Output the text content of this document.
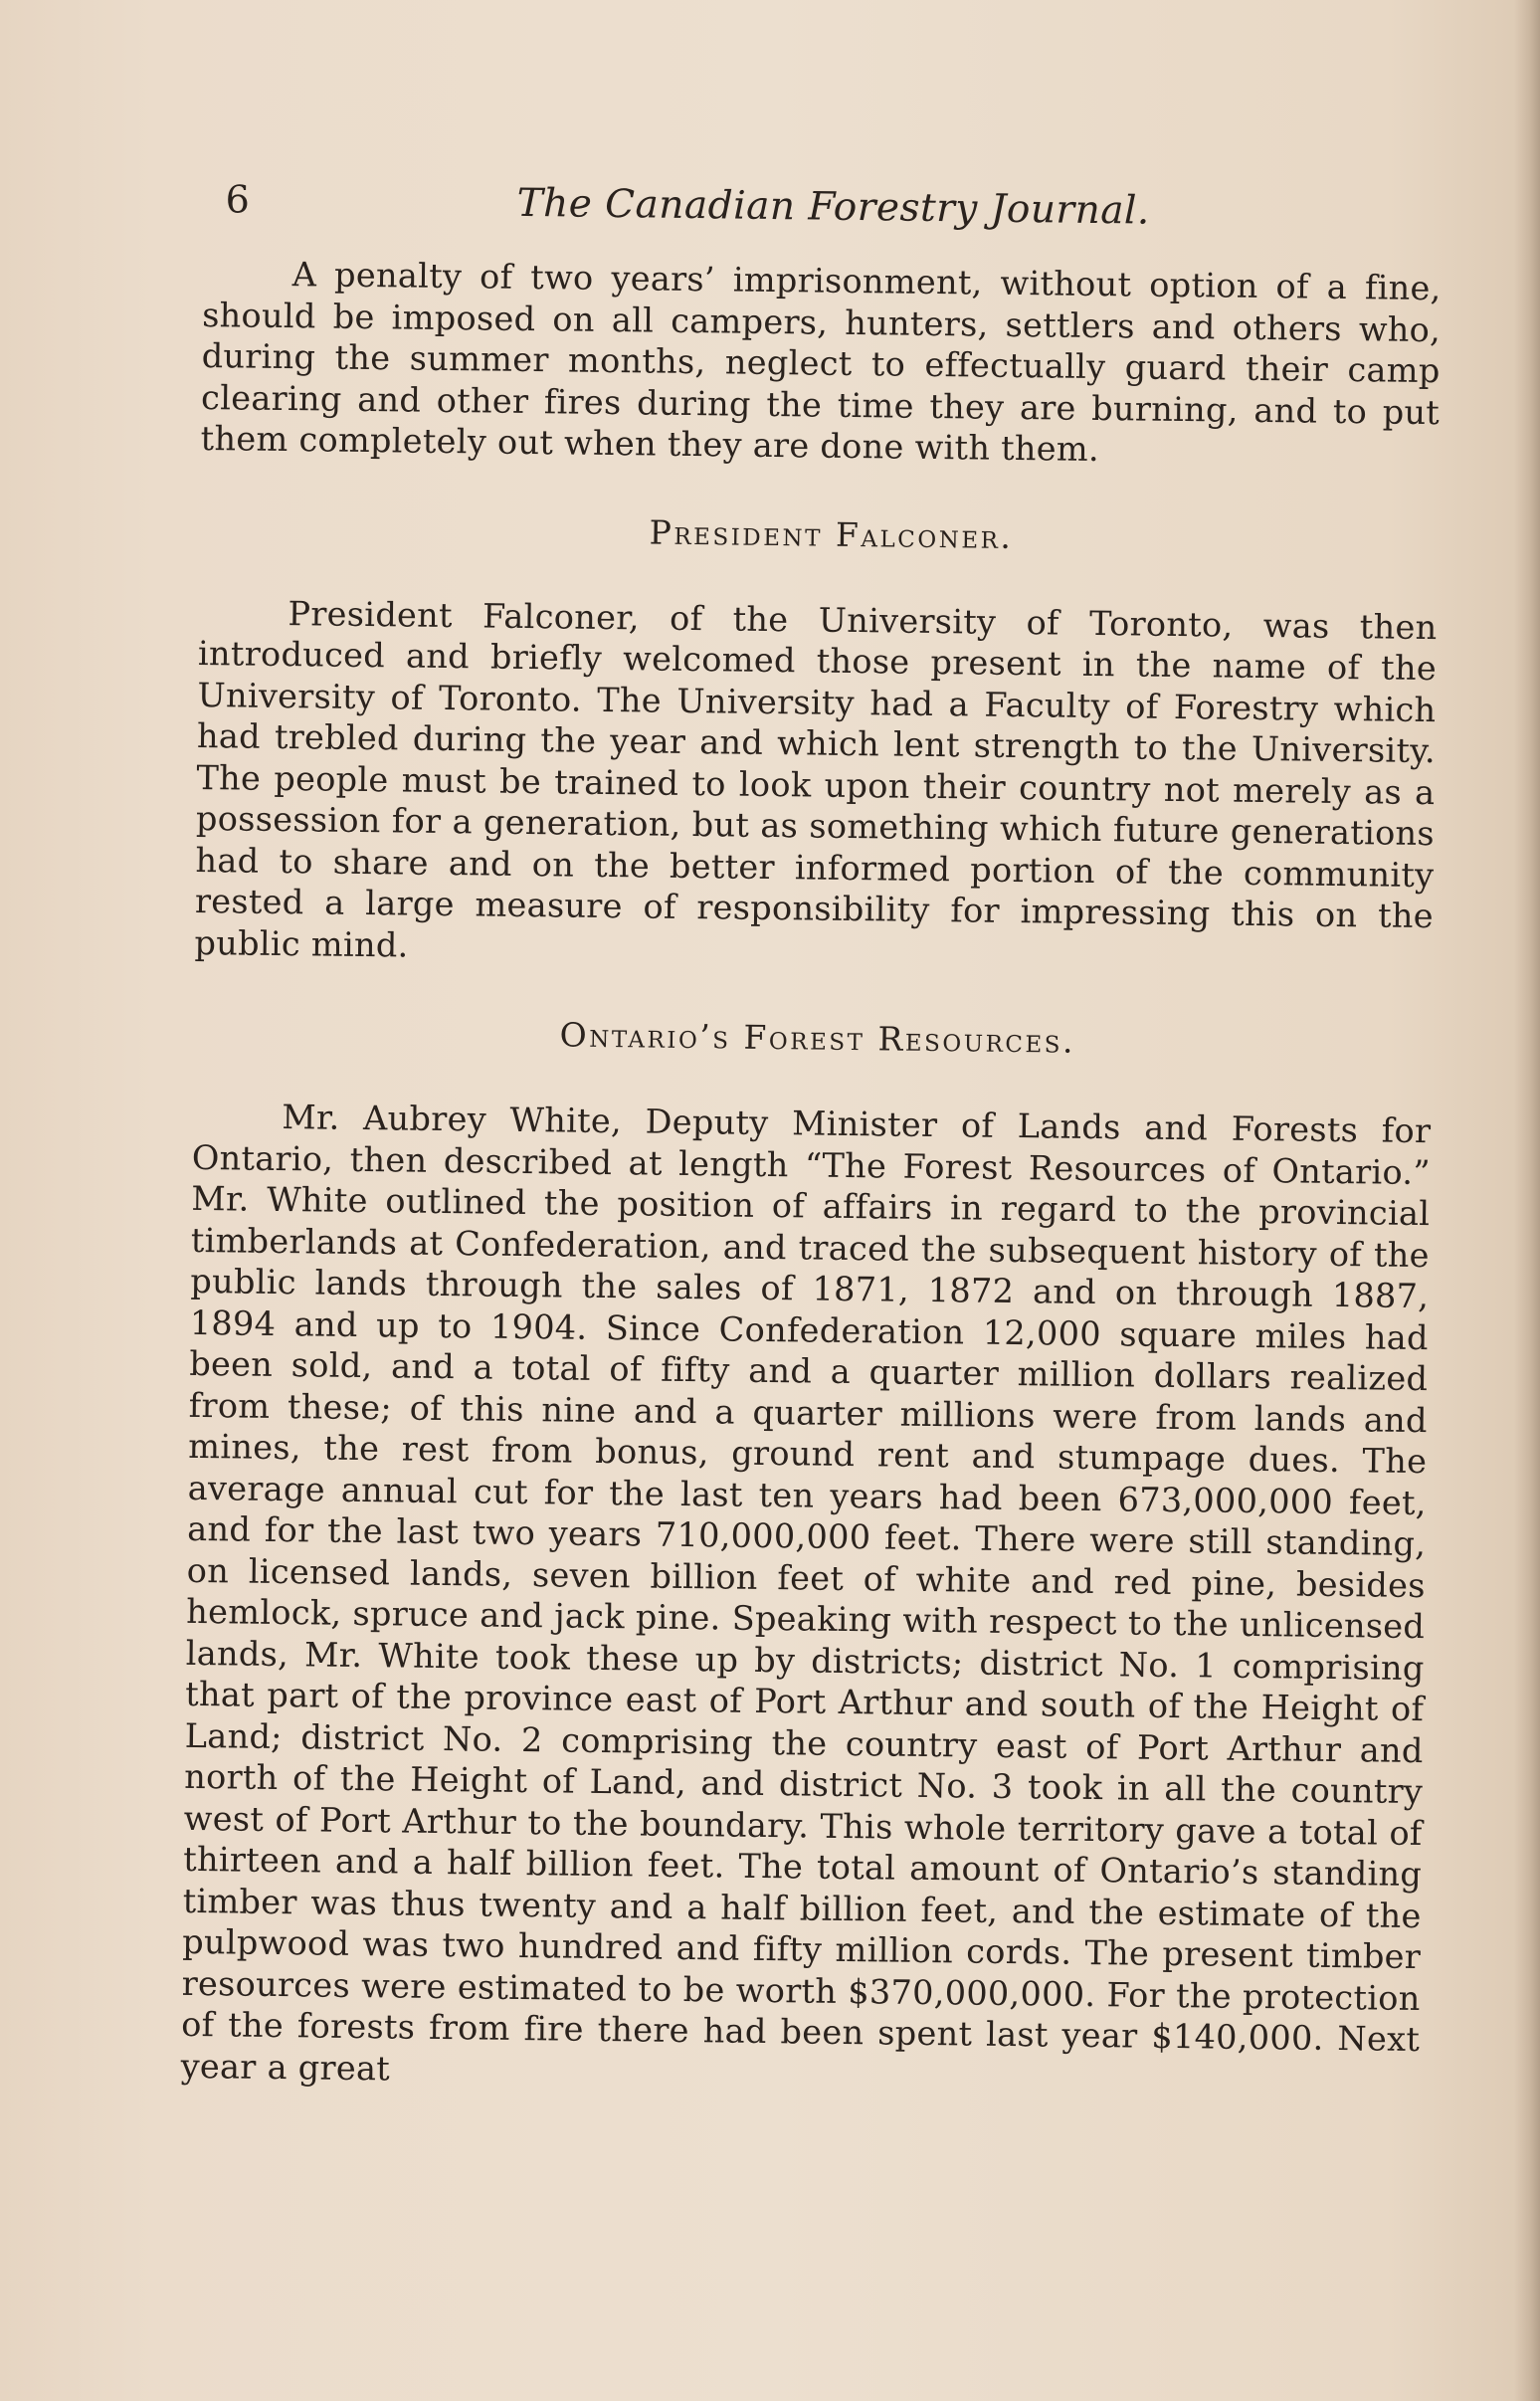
6	The Canadian Forestry Journal.

A penalty of two years’ imprisonment, without option of a fine, should be imposed on all campers, hunters, settlers and others who, during the summer months, neglect to effectually guard their camp clearing and other fires during the time they are burning, and to put them completely out when they are done with them.

President Falconer.

President Falconer, of the University of Toronto, was then introduced and briefly welcomed those present in the name of the University of Toronto. The University had a Faculty of Forestry which had trebled during the year and which lent strength to the University. The people must be trained to look upon their country not merely as a possession for a generation, but as something which future generations had to share and on the better informed portion of the community rested a large measure of responsibility for impressing this on the public mind.

Ontario’s Forest Resources.

Mr. Aubrey White, Deputy Minister of Lands and Forests for Ontario, then described at length “The Forest Resources of Ontario.” Mr. White outlined the position of affairs in regard to the provincial timberlands at Confederation, and traced the subsequent history of the public lands through the sales of 1871, 1872 and on through 1887, 1894 and up to 1904. Since Confederation 12,000 square miles had been sold, and a total of fifty and a quarter million dollars realized from these; of this nine and a quarter millions were from lands and mines, the rest from bonus, ground rent and stumpage dues. The average annual cut for the last ten years had been 673,000,000 feet, and for the last two years 710,000,000 feet. There were still standing, on licensed lands, seven billion feet of white and red pine, besides hemlock, spruce and jack pine. Speaking with respect to the unlicensed lands, Mr. White took these up by districts; district No. 1 comprising that part of the province east of Port Arthur and south of the Height of Land; district No. 2 comprising the country east of Port Arthur and north of the Height of Land, and district No. 3 took in all the country west of Port Arthur to the boundary. This whole territory gave a total of thirteen and a half billion feet. The total amount of Ontario’s standing timber was thus twenty and a half billion feet, and the estimate of the pulpwood was two hundred and fifty million cords. The present timber resources were estimated to be worth $370,000,000. For the protection of the forests from fire there had been spent last year $140,000. Next year a great
